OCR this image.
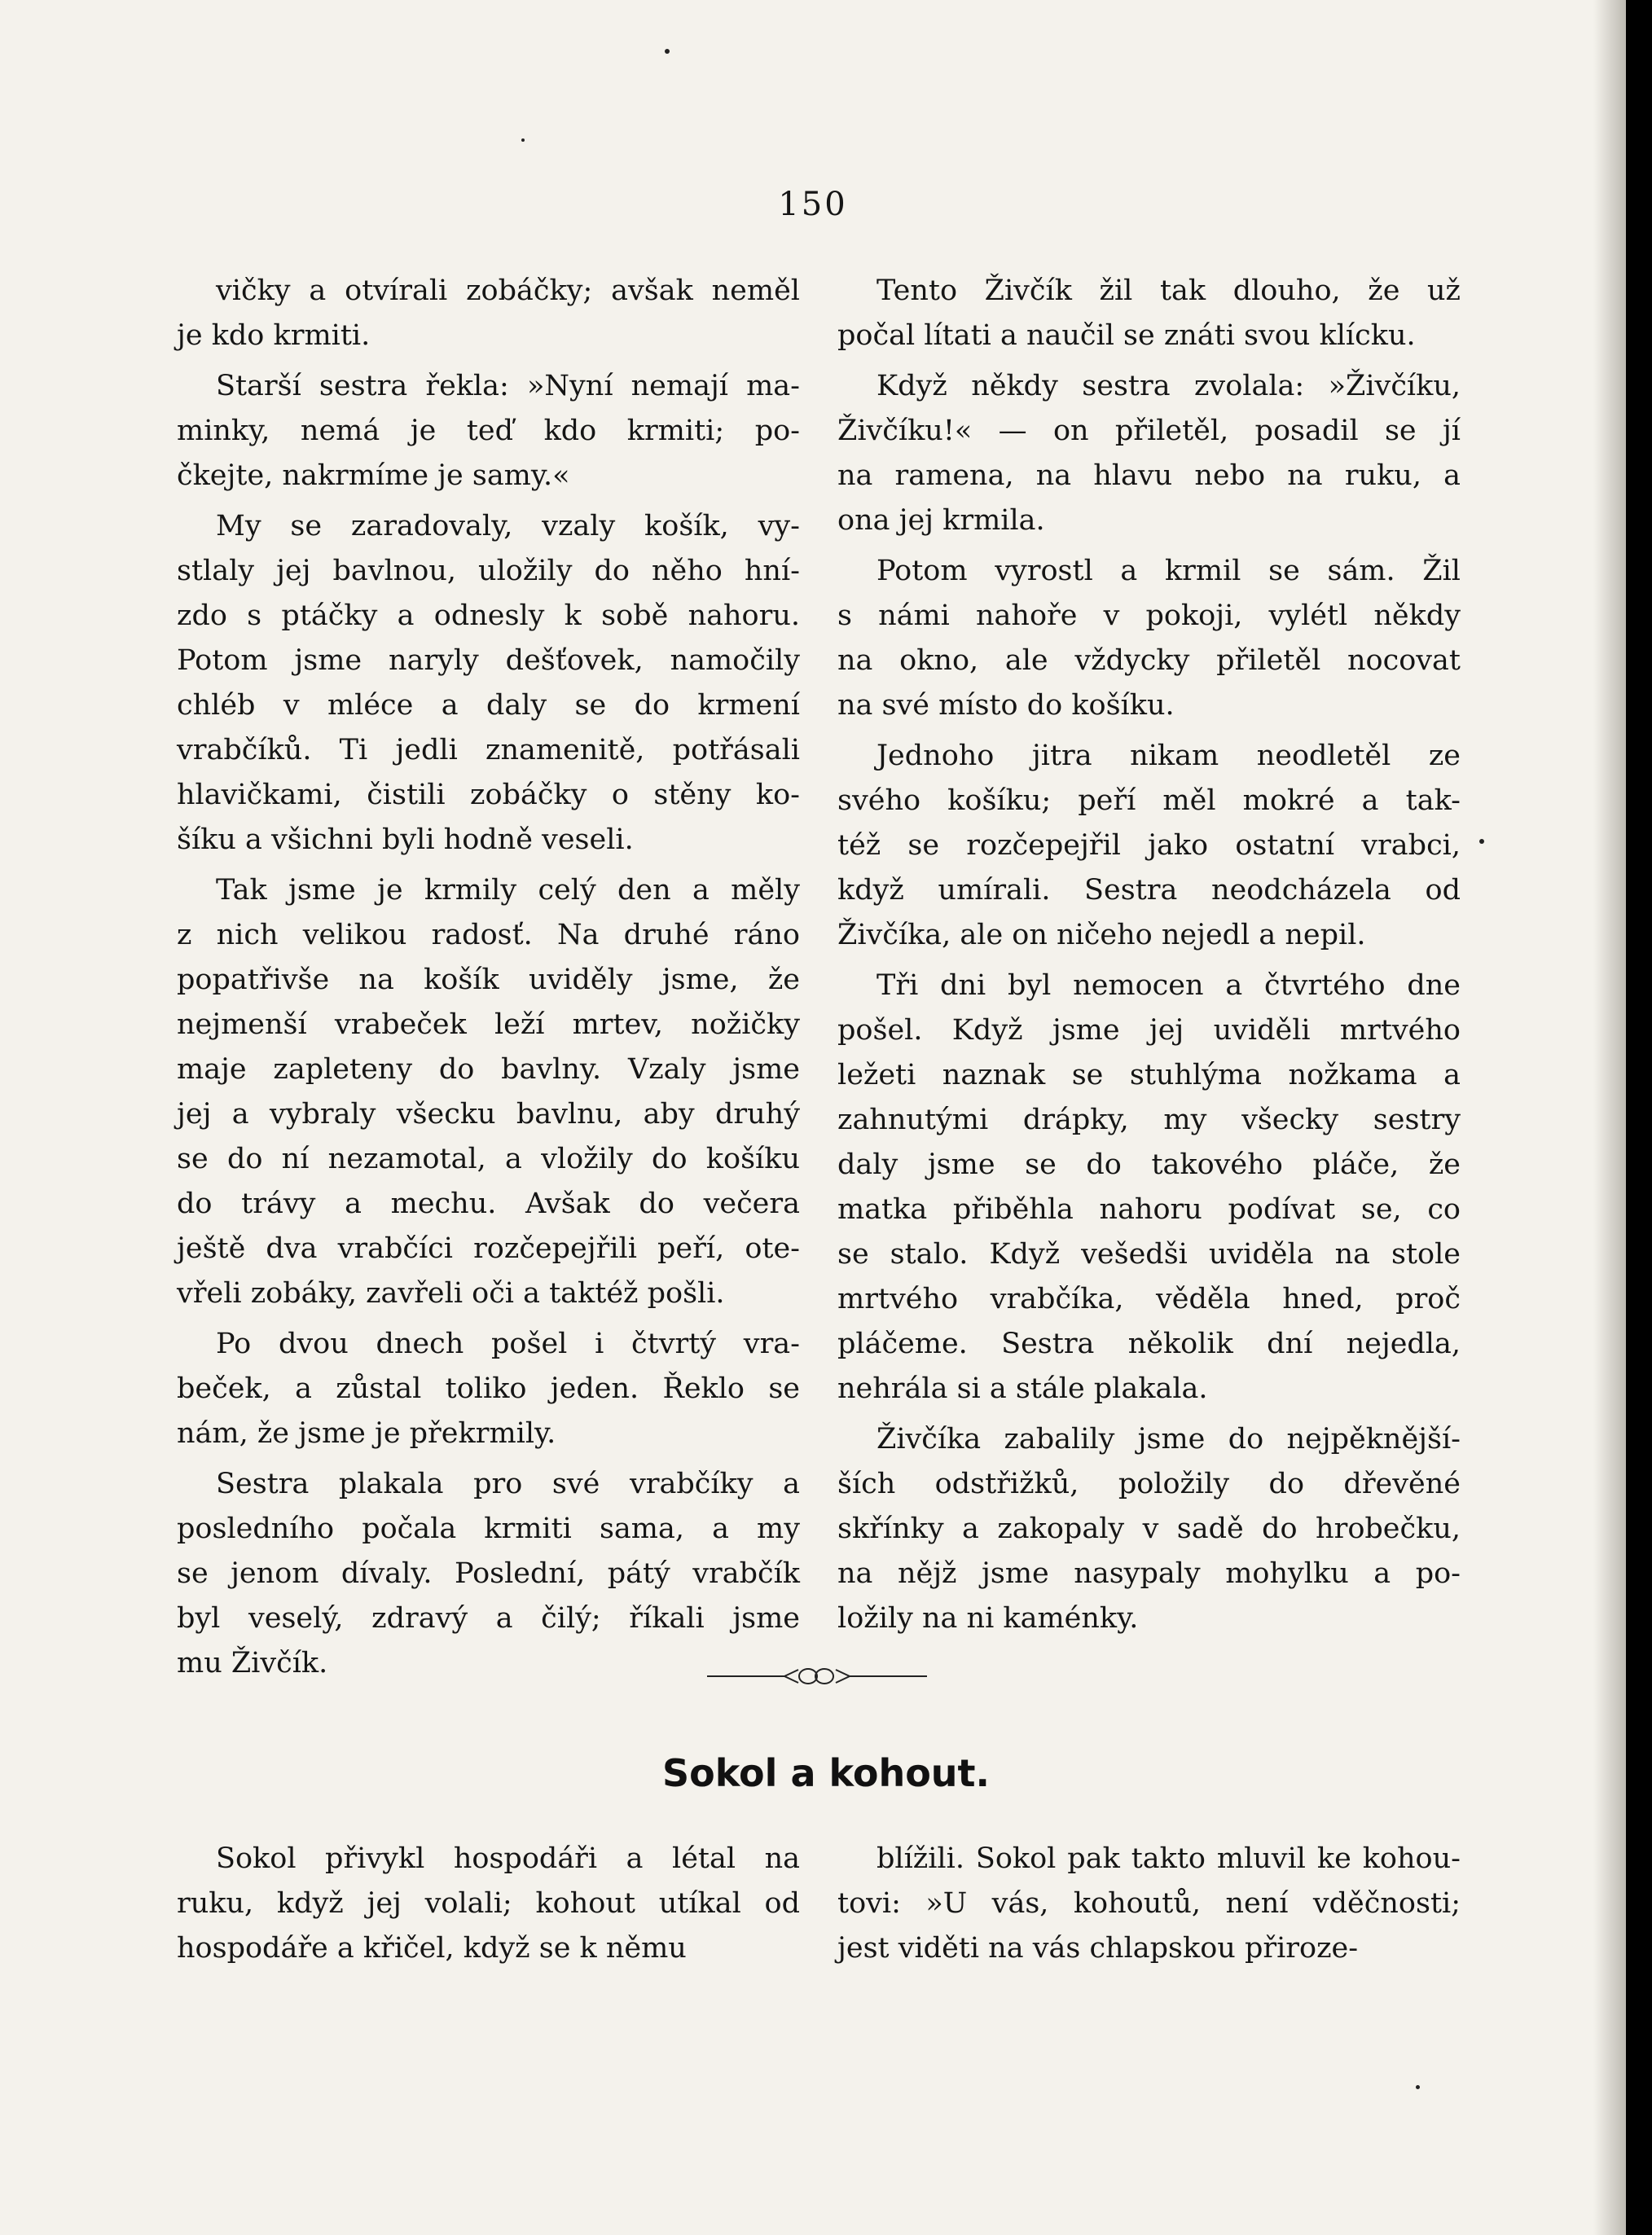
150

vičky a otvírali zobáčky; avšak neměl
je kdo krmiti.

Starší sestra řekla: »Nyní nemají ma-
minky, nemá je teď kdo krmiti; po-
čkejte, nakrmíme je samy.«

My se zaradovaly, vzaly košík, vy-
stlaly jej bavlnou, uložily do něho hní-
zdo s ptáčky a odnesly k sobě nahoru.
Potom jsme naryly dešťovek, namočily
chléb v mléce a daly se do krmení
vrabčíků. Ti jedli znamenitě, potřásali
hlavičkami, čistili zobáčky o stěny ko-
šíku a všichni byli hodně veseli.

Tak jsme je krmily celý den a měly
z nich velikou radosť. Na druhé ráno
popatřivše na košík uviděly jsme, že
nejmenší vrabeček leží mrtev, nožičky
maje zapleteny do bavlny. Vzaly jsme
jej a vybraly všecku bavlnu, aby druhý
se do ní nezamotal, a vložily do košíku
do trávy a mechu. Avšak do večera
ještě dva vrabčíci rozčepejřili peří, ote-
vřeli zobáky, zavřeli oči a taktéž pošli.

Po dvou dnech pošel i čtvrtý vra-
beček, a zůstal toliko jeden. Řeklo se
nám, že jsme je překrmily.

Sestra plakala pro své vrabčíky a
posledního počala krmiti sama, a my
se jenom dívaly. Poslední, pátý vrabčík
byl veselý, zdravý a čilý; říkali jsme
mu Živčík.

Tento Živčík žil tak dlouho, že už
počal lítati a naučil se znáti svou klícku.

Když někdy sestra zvolala: »Živčíku,
Živčíku!« — on přiletěl, posadil se jí
na ramena, na hlavu nebo na ruku, a
ona jej krmila.

Potom vyrostl a krmil se sám. Žil
s námi nahoře v pokoji, vylétl někdy
na okno, ale vždycky přiletěl nocovat
na své místo do košíku.

Jednoho jitra nikam neodletěl ze
svého košíku; peří měl mokré a tak-
též se rozčepejřil jako ostatní vrabci,
když umírali. Sestra neodcházela od
Živčíka, ale on ničeho nejedl a nepil.

Tři dni byl nemocen a čtvrtého dne
pošel. Když jsme jej uviděli mrtvého
ležeti naznak se stuhlýma nožkama a
zahnutými drápky, my všecky sestry
daly jsme se do takového pláče, že
matka přiběhla nahoru podívat se, co
se stalo. Když vešedši uviděla na stole
mrtvého vrabčíka, věděla hned, proč
pláčeme. Sestra několik dní nejedla,
nehrála si a stále plakala.

Živčíka zabalily jsme do nejpěknější-
ších odstřižků, položily do dřevěné
skřínky a zakopaly v sadě do hrobečku,
na nějž jsme nasypaly mohylku a po-
ložily na ni kaménky.

Sokol a kohout.

Sokol přivykl hospodáři a létal na
ruku, když jej volali; kohout utíkal od
hospodáře a křičel, když se k němu

blížili. Sokol pak takto mluvil ke kohou-
tovi: »U vás, kohoutů, není vděčnosti;
jest viděti na vás chlapskou přiroze-
